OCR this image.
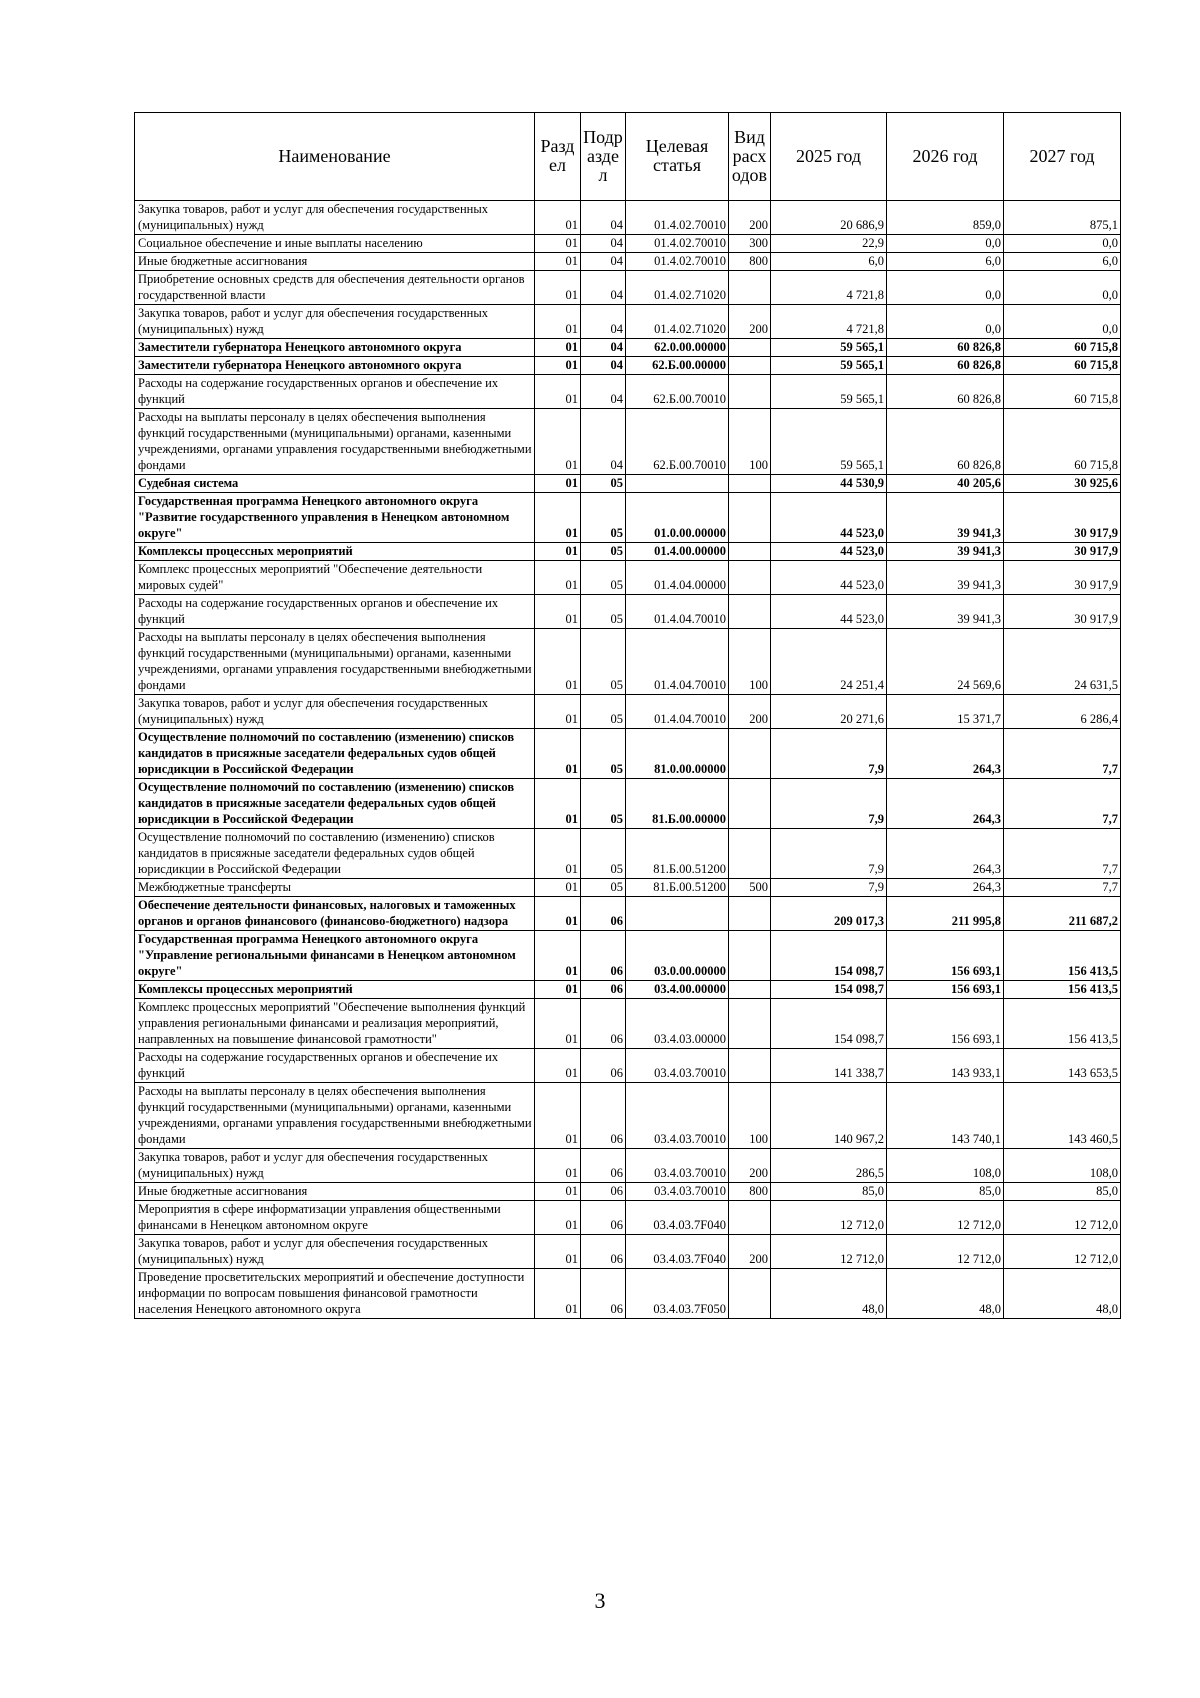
Наименование	Разд ел	Подр азде л	Целевая статья	Вид расх одов	2025 год	2026 год	2027 год
Закупка товаров, работ и услуг для обеспечения государственных (муниципальных) нужд	01	04	01.4.02.70010	200	20 686,9	859,0	875,1
Социальное обеспечение и иные выплаты населению	01	04	01.4.02.70010	300	22,9	0,0	0,0
Иные бюджетные ассигнования	01	04	01.4.02.70010	800	6,0	6,0	6,0
Приобретение основных средств для обеспечения деятельности органов государственной власти	01	04	01.4.02.71020		4 721,8	0,0	0,0
Закупка товаров, работ и услуг для обеспечения государственных (муниципальных) нужд	01	04	01.4.02.71020	200	4 721,8	0,0	0,0
Заместители губернатора Ненецкого автономного округа	01	04	62.0.00.00000		59 565,1	60 826,8	60 715,8
Заместители губернатора Ненецкого автономного округа	01	04	62.Б.00.00000		59 565,1	60 826,8	60 715,8
Расходы на содержание государственных органов и обеспечение их функций	01	04	62.Б.00.70010		59 565,1	60 826,8	60 715,8
Расходы на выплаты персоналу в целях обеспечения выполнения функций государственными (муниципальными) органами, казенными учреждениями, органами управления государственными внебюджетными фондами	01	04	62.Б.00.70010	100	59 565,1	60 826,8	60 715,8
Судебная система	01	05			44 530,9	40 205,6	30 925,6
Государственная программа Ненецкого автономного округа "Развитие государственного управления в Ненецком автономном округе"	01	05	01.0.00.00000		44 523,0	39 941,3	30 917,9
Комплексы процессных мероприятий	01	05	01.4.00.00000		44 523,0	39 941,3	30 917,9
Комплекс процессных мероприятий "Обеспечение деятельности мировых судей"	01	05	01.4.04.00000		44 523,0	39 941,3	30 917,9
Расходы на содержание государственных органов и обеспечение их функций	01	05	01.4.04.70010		44 523,0	39 941,3	30 917,9
Расходы на выплаты персоналу в целях обеспечения выполнения функций государственными (муниципальными) органами, казенными учреждениями, органами управления государственными внебюджетными фондами	01	05	01.4.04.70010	100	24 251,4	24 569,6	24 631,5
Закупка товаров, работ и услуг для обеспечения государственных (муниципальных) нужд	01	05	01.4.04.70010	200	20 271,6	15 371,7	6 286,4
Осуществление полномочий по составлению (изменению) списков кандидатов в присяжные заседатели федеральных судов общей юрисдикции в Российской Федерации	01	05	81.0.00.00000		7,9	264,3	7,7
Осуществление полномочий по составлению (изменению) списков кандидатов в присяжные заседатели федеральных судов общей юрисдикции в Российской Федерации	01	05	81.Б.00.00000		7,9	264,3	7,7
Осуществление полномочий по составлению (изменению) списков кандидатов в присяжные заседатели федеральных судов общей юрисдикции в Российской Федерации	01	05	81.Б.00.51200		7,9	264,3	7,7
Межбюджетные трансферты	01	05	81.Б.00.51200	500	7,9	264,3	7,7
Обеспечение деятельности финансовых, налоговых и таможенных органов и органов финансового (финансово-бюджетного) надзора	01	06			209 017,3	211 995,8	211 687,2
Государственная программа Ненецкого автономного округа "Управление региональными финансами в Ненецком автономном округе"	01	06	03.0.00.00000		154 098,7	156 693,1	156 413,5
Комплексы процессных мероприятий	01	06	03.4.00.00000		154 098,7	156 693,1	156 413,5
Комплекс процессных мероприятий "Обеспечение выполнения функций управления региональными финансами и реализация мероприятий, направленных на повышение финансовой грамотности"	01	06	03.4.03.00000		154 098,7	156 693,1	156 413,5
Расходы на содержание государственных органов и обеспечение их функций	01	06	03.4.03.70010		141 338,7	143 933,1	143 653,5
Расходы на выплаты персоналу в целях обеспечения выполнения функций государственными (муниципальными) органами, казенными учреждениями, органами управления государственными внебюджетными фондами	01	06	03.4.03.70010	100	140 967,2	143 740,1	143 460,5
Закупка товаров, работ и услуг для обеспечения государственных (муниципальных) нужд	01	06	03.4.03.70010	200	286,5	108,0	108,0
Иные бюджетные ассигнования	01	06	03.4.03.70010	800	85,0	85,0	85,0
Мероприятия в сфере информатизации управления общественными финансами в Ненецком автономном округе	01	06	03.4.03.7F040		12 712,0	12 712,0	12 712,0
Закупка товаров, работ и услуг для обеспечения государственных (муниципальных) нужд	01	06	03.4.03.7F040	200	12 712,0	12 712,0	12 712,0
Проведение просветительских мероприятий и обеспечение доступности информации по вопросам повышения финансовой грамотности населения Ненецкого автономного округа	01	06	03.4.03.7F050		48,0	48,0	48,0
3
